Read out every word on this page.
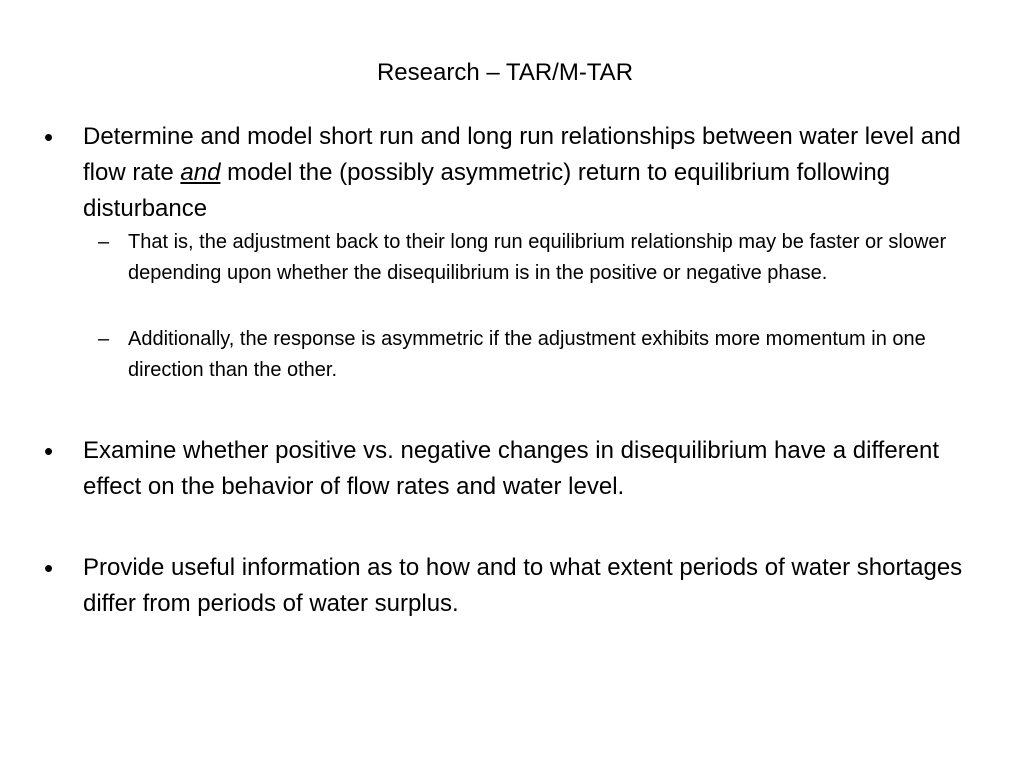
Research – TAR/M-TAR
• Determine and model short run and long run relationships between water level and flow rate and model the (possibly asymmetric) return to equilibrium following disturbance
– That is, the adjustment back to their long run equilibrium relationship may be faster or slower depending upon whether the disequilibrium is in the positive or negative phase.
– Additionally, the response is asymmetric if the adjustment exhibits more momentum in one direction than the other.
• Examine whether positive vs. negative changes in disequilibrium have a different effect on the behavior of flow rates and water level.
• Provide useful information as to how and to what extent periods of water shortages differ from periods of water surplus.
